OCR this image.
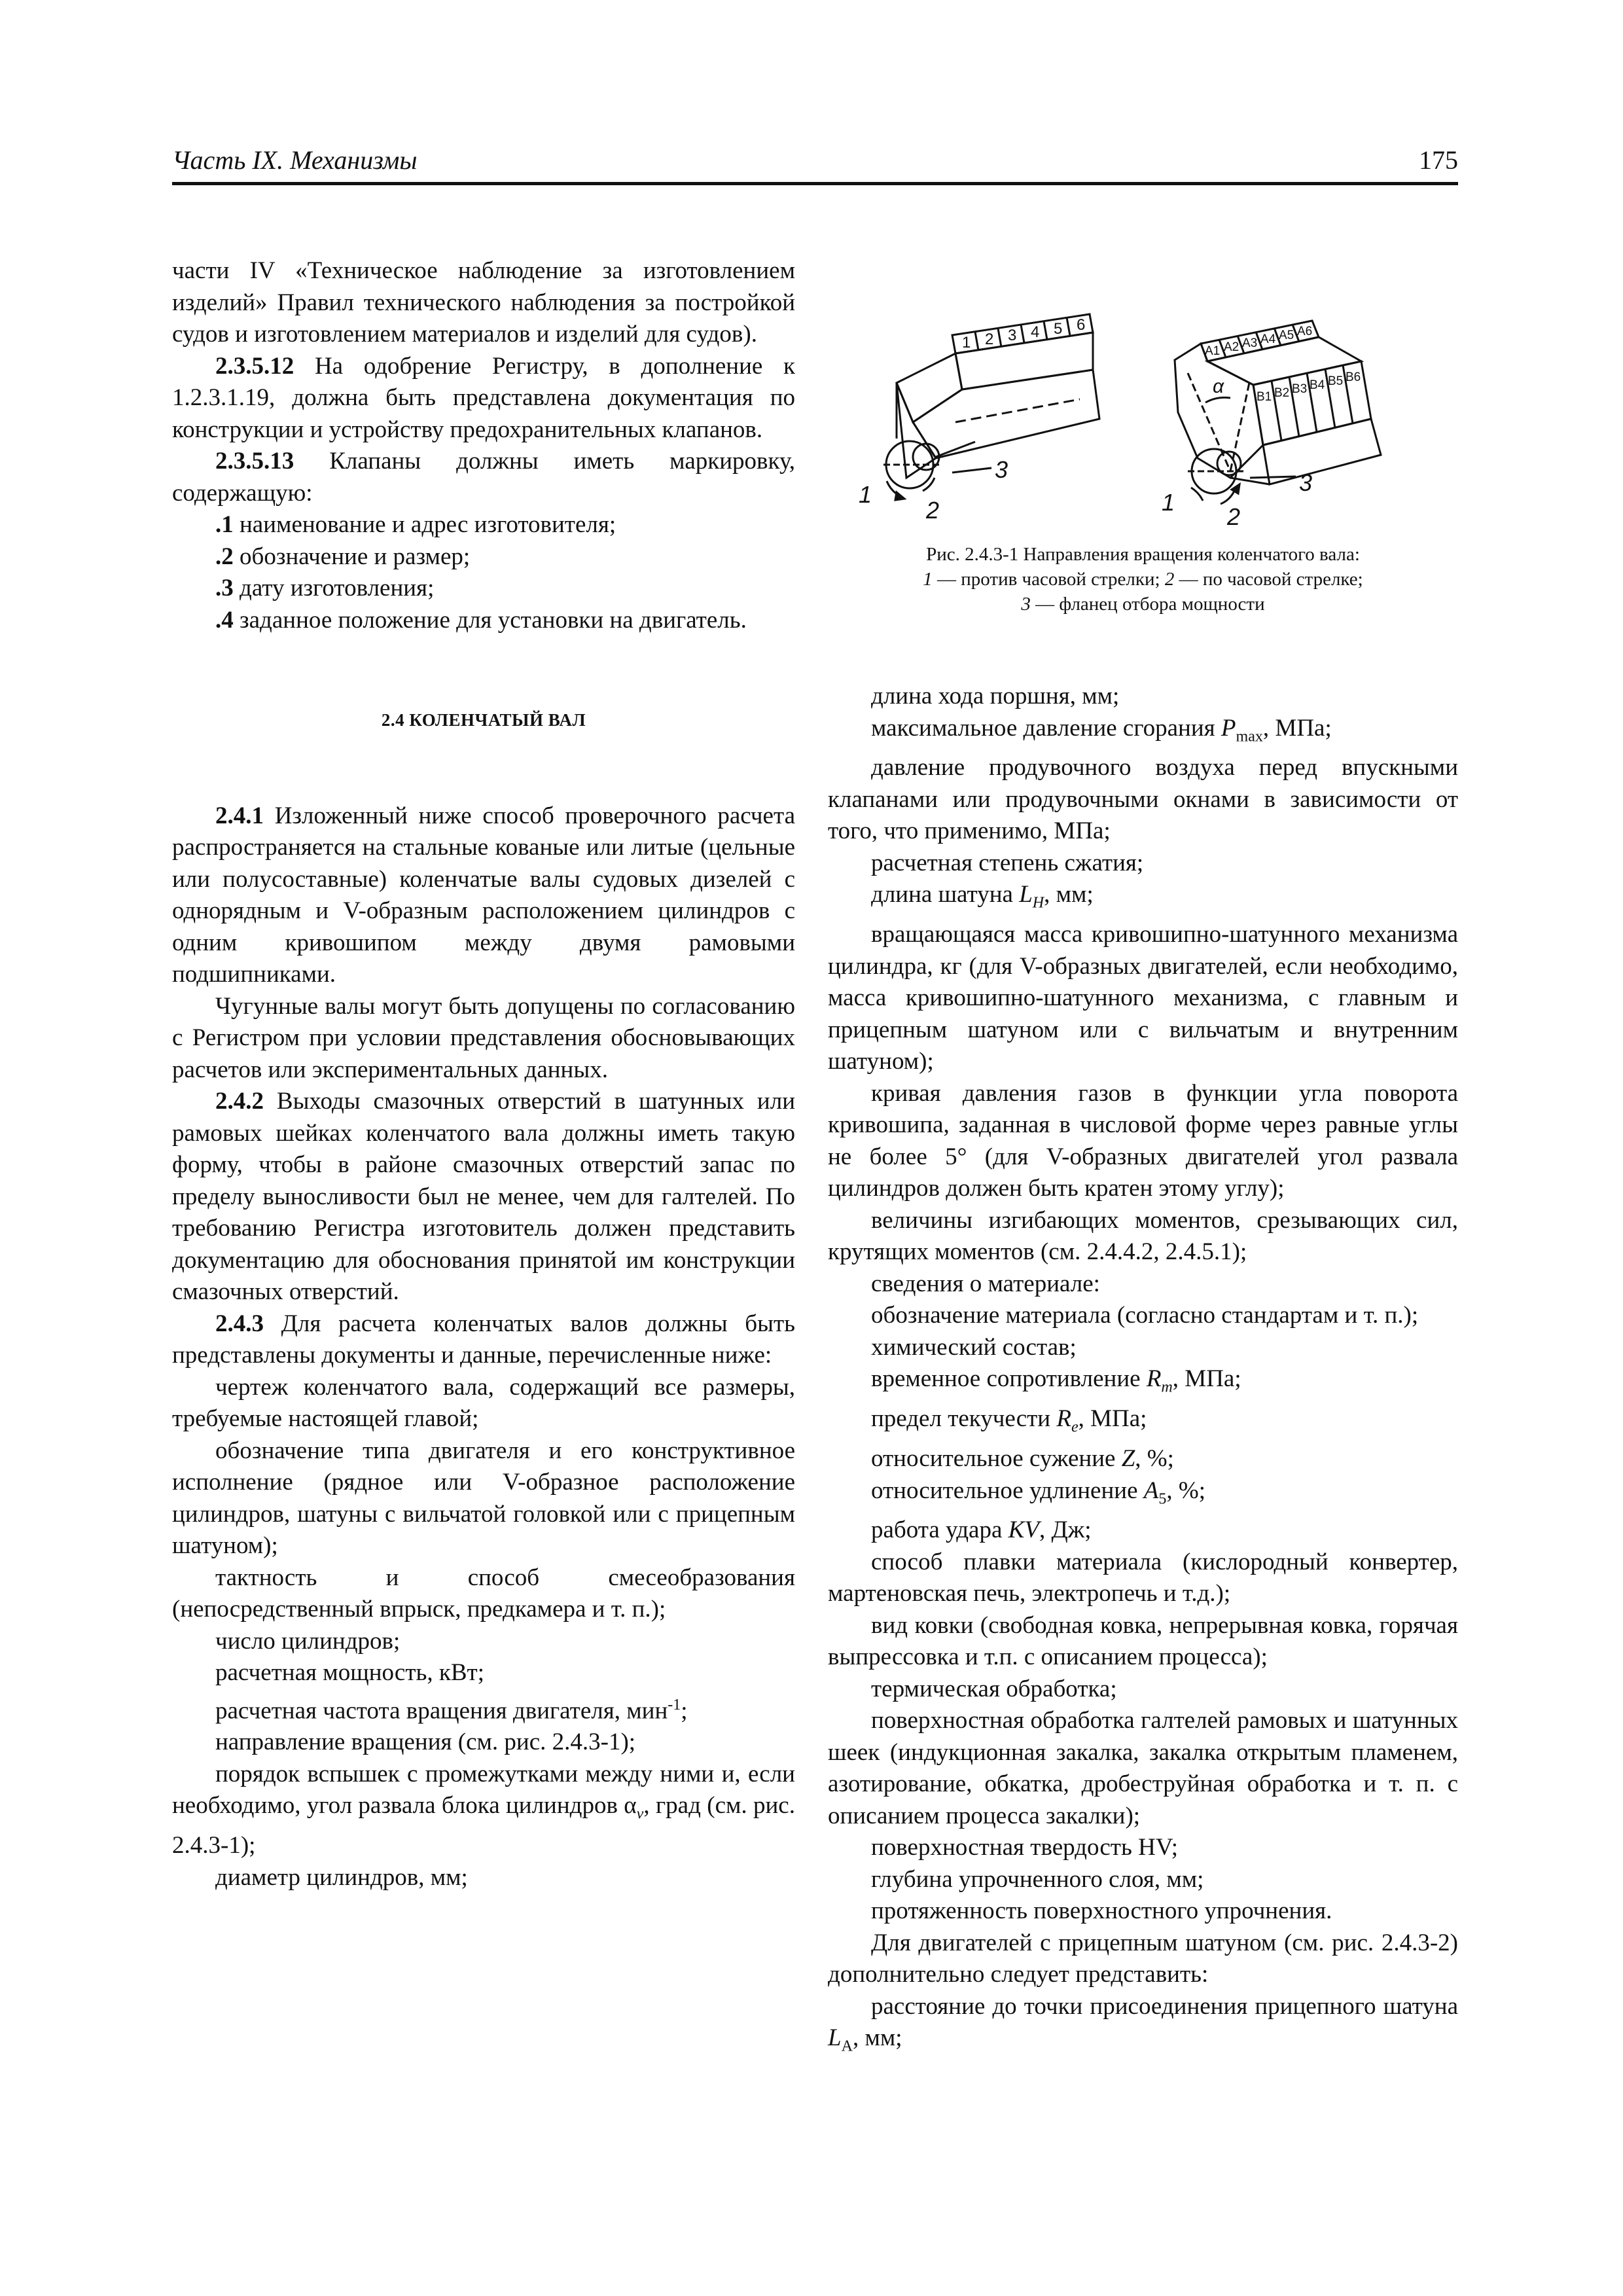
Часть IX. Механизмы	175

части IV «Техническое наблюдение за изготовлением изделий» Правил технического наблюдения за постройкой судов и изготовлением материалов и изделий для судов).

2.3.5.12 На одобрение Регистру, в дополнение к 1.2.3.1.19, должна быть представлена документация по конструкции и устройству предохранительных клапанов.

2.3.5.13 Клапаны должны иметь маркировку, содержащую:

.1 наименование и адрес изготовителя;

.2 обозначение и размер;

.3 дату изготовления;

.4 заданное положение для установки на двигатель.

2.4 КОЛЕНЧАТЫЙ ВАЛ

2.4.1 Изложенный ниже способ проверочного расчета распространяется на стальные кованые или литые (цельные или полусоставные) коленчатые валы судовых дизелей с однорядным и V-образным расположением цилиндров с одним кривошипом между двумя рамовыми подшипниками.

Чугунные валы могут быть допущены по согласованию с Регистром при условии представления обосновывающих расчетов или экспериментальных данных.

2.4.2 Выходы смазочных отверстий в шатунных или рамовых шейках коленчатого вала должны иметь такую форму, чтобы в районе смазочных отверстий запас по пределу выносливости был не менее, чем для галтелей. По требованию Регистра изготовитель должен представить документацию для обоснования принятой им конструкции смазочных отверстий.

2.4.3 Для расчета коленчатых валов должны быть представлены документы и данные, перечисленные ниже:

чертеж коленчатого вала, содержащий все размеры, требуемые настоящей главой;

обозначение типа двигателя и его конструктивное исполнение (рядное или V-образное расположение цилиндров, шатуны с вильчатой головкой или с прицепным шатуном);

тактность и способ смесеобразования (непосредственный впрыск, предкамера и т. п.);

число цилиндров;

расчетная мощность, кВт;

расчетная частота вращения двигателя, мин$^{-1}$;

направление вращения (см. рис. 2.4.3-1);

порядок вспышек с промежутками между ними и, если необходимо, угол развала блока цилиндров $\alpha_v$, град (см. рис. 2.4.3-1);

диаметр цилиндров, мм;

1 2 3 4 5 6
1
2
3
A1 A2 A3 A4 A5 A6
B1 B2 B3 B4 B5 B6
α
1
2
3

Рис. 2.4.3-1 Направления вращения коленчатого вала:

1 — против часовой стрелки; 2 — по часовой стрелке;

3 — фланец отбора мощности

длина хода поршня, мм;

максимальное давление сгорания $P_{max}$, МПа;

давление продувочного воздуха перед впускными клапанами или продувочными окнами в зависимости от того, что применимо, МПа;

расчетная степень сжатия;

длина шатуна $L_H$, мм;

вращающаяся масса кривошипно-шатунного механизма цилиндра, кг (для V-образных двигателей, если необходимо, масса кривошипно-шатунного механизма, с главным и прицепным шатуном или с вильчатым и внутренним шатуном);

кривая давления газов в функции угла поворота кривошипа, заданная в числовой форме через равные углы не более 5° (для V-образных двигателей угол развала цилиндров должен быть кратен этому углу);

величины изгибающих моментов, срезывающих сил, крутящих моментов (см. 2.4.4.2, 2.4.5.1);

сведения о материале:

обозначение материала (согласно стандартам и т. п.);

химический состав;

временное сопротивление $R_m$, МПа;

предел текучести $R_e$, МПа;

относительное сужение Z, %;

относительное удлинение $A_5$, %;

работа удара KV, Дж;

способ плавки материала (кислородный конвертер, мартеновская печь, электропечь и т.д.);

вид ковки (свободная ковка, непрерывная ковка, горячая выпрессовка и т.п. с описанием процесса);

термическая обработка;

поверхностная обработка галтелей рамовых и шатунных шеек (индукционная закалка, закалка открытым пламенем, азотирование, обкатка, дробеструйная обработка и т. п. с описанием процесса закалки);

поверхностная твердость HV;

глубина упрочненного слоя, мм;

протяженность поверхностного упрочнения.

Для двигателей с прицепным шатуном (см. рис. 2.4.3-2) дополнительно следует представить:

расстояние до точки присоединения прицепного шатуна $L_A$, мм;
